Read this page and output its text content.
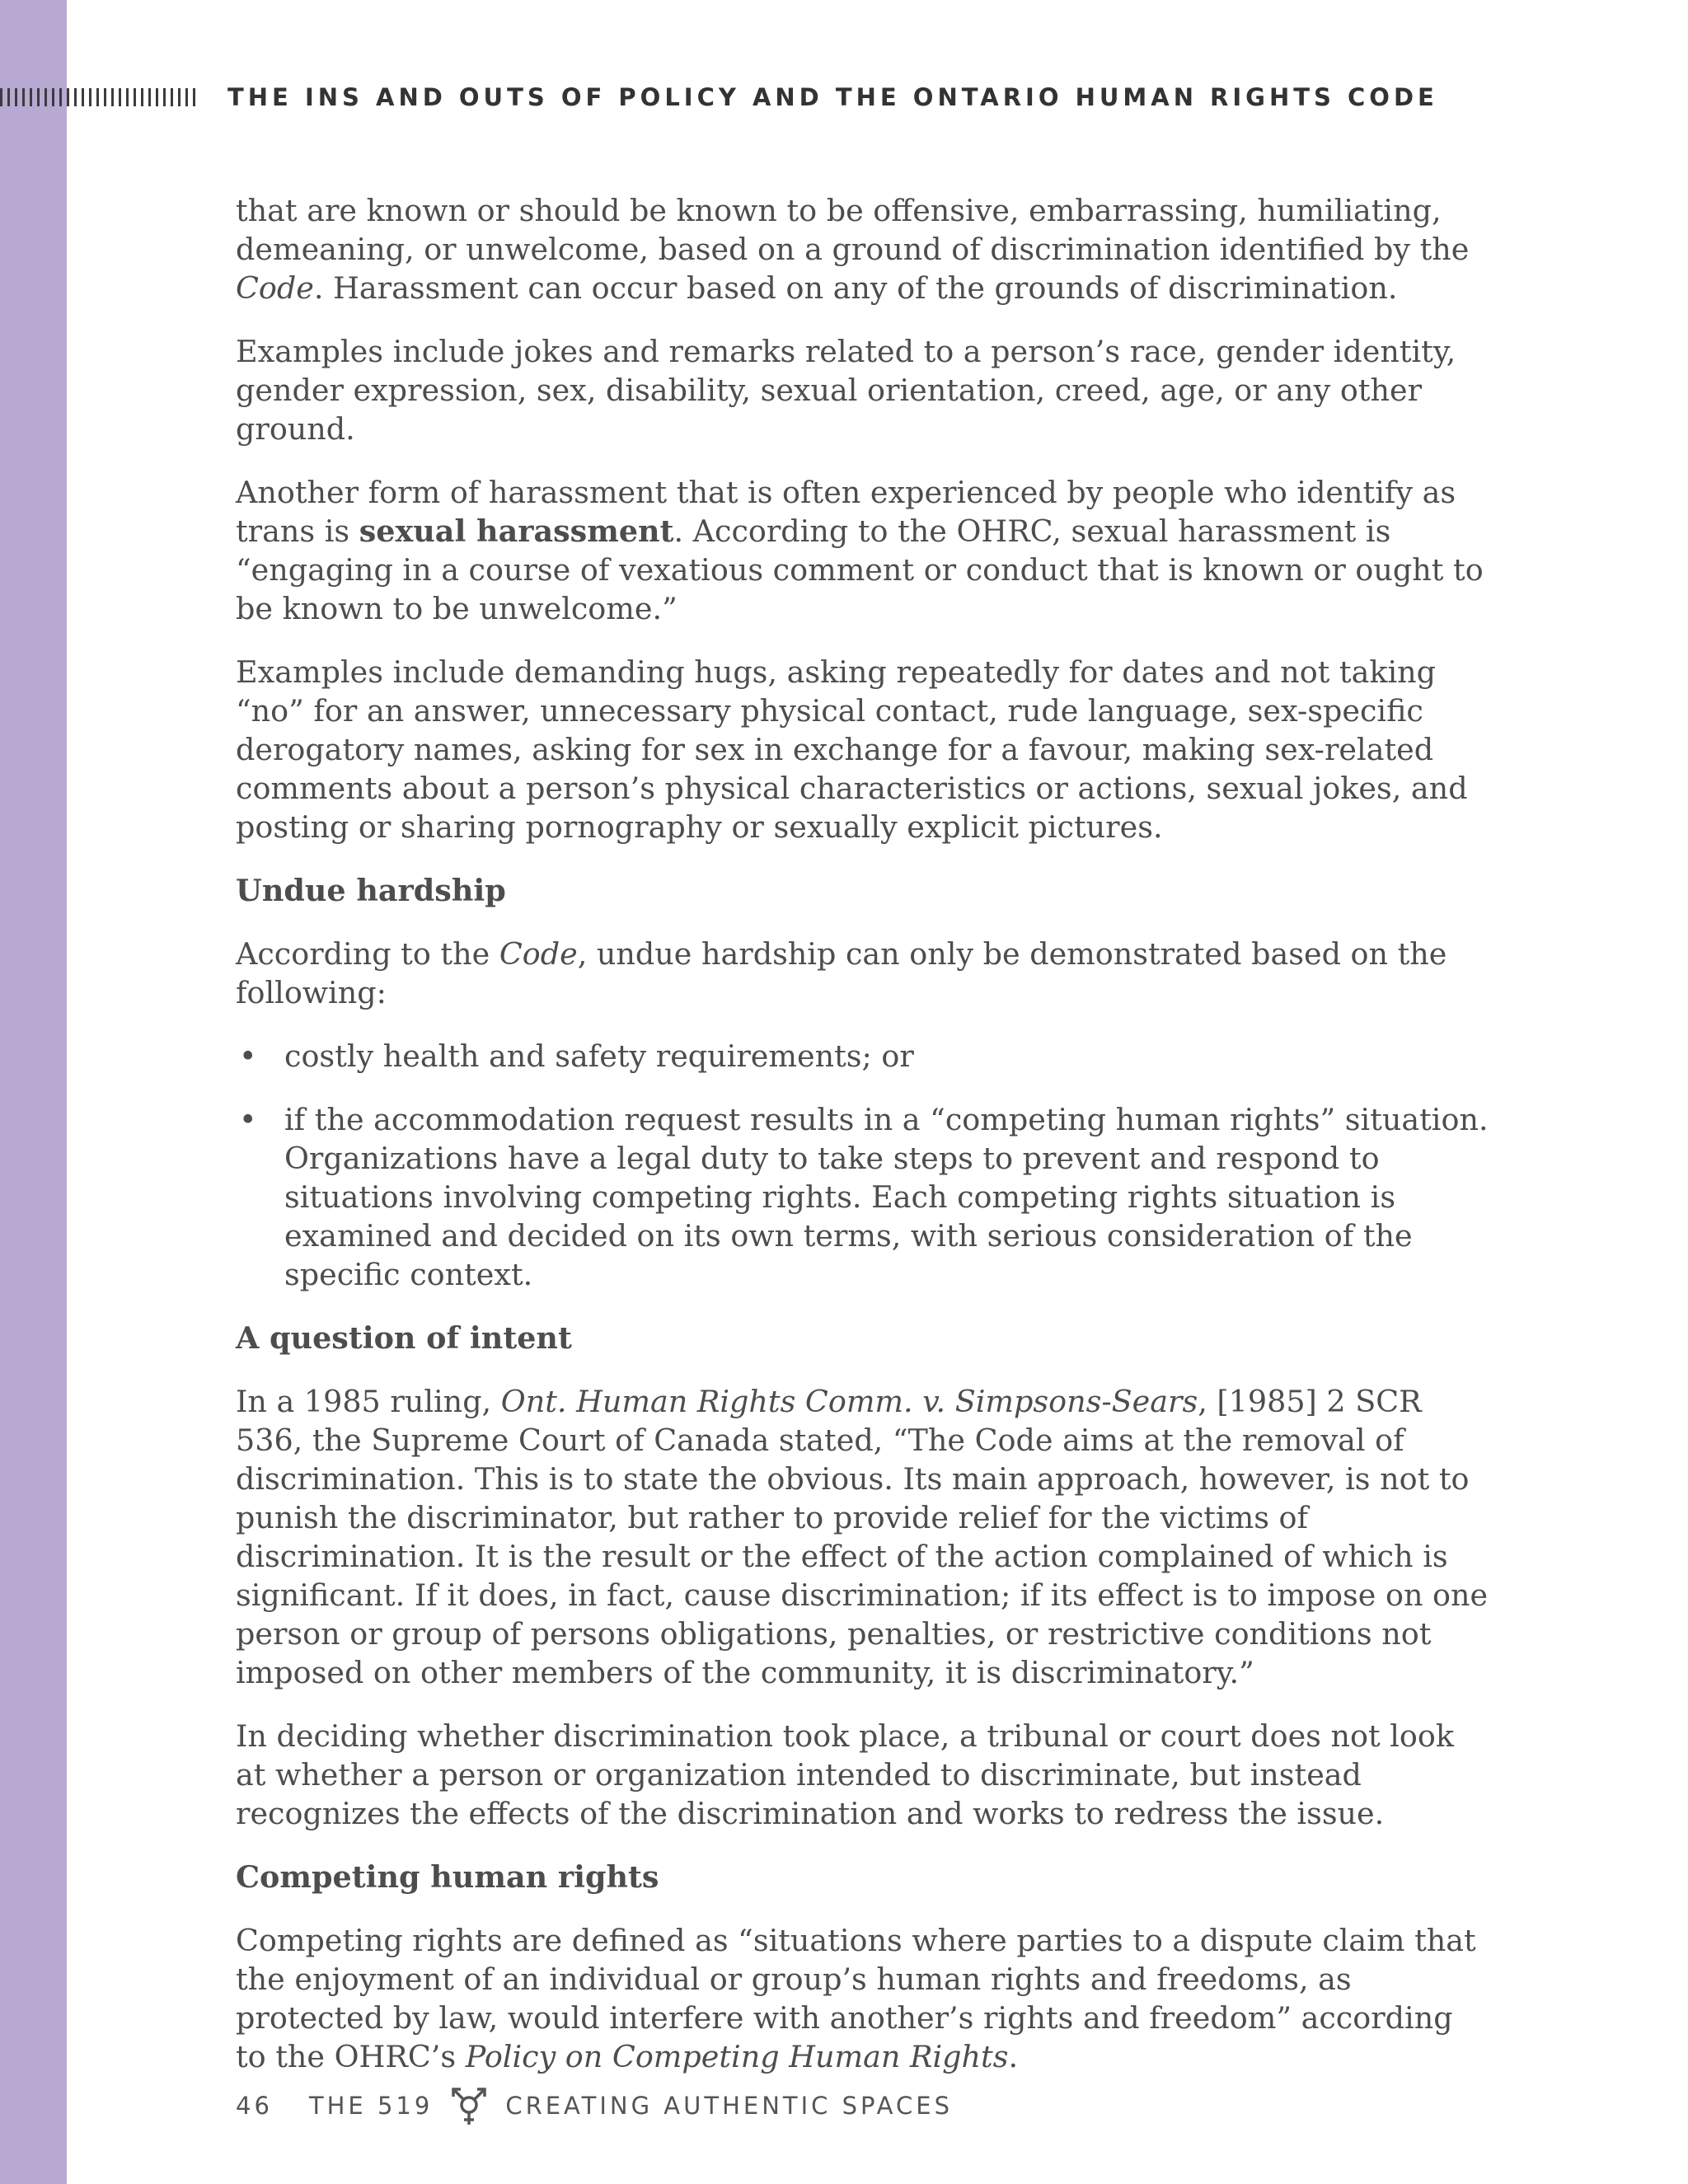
THE INS AND OUTS OF POLICY AND THE ONTARIO HUMAN RIGHTS CODE

that are known or should be known to be offensive, embarrassing, humiliating, demeaning, or unwelcome, based on a ground of discrimination identified by the Code. Harassment can occur based on any of the grounds of discrimination.

Examples include jokes and remarks related to a person’s race, gender identity, gender expression, sex, disability, sexual orientation, creed, age, or any other ground.

Another form of harassment that is often experienced by people who identify as trans is sexual harassment. According to the OHRC, sexual harassment is “engaging in a course of vexatious comment or conduct that is known or ought to be known to be unwelcome.”

Examples include demanding hugs, asking repeatedly for dates and not taking “no” for an answer, unnecessary physical contact, rude language, sex-specific derogatory names, asking for sex in exchange for a favour, making sex-related comments about a person’s physical characteristics or actions, sexual jokes, and posting or sharing pornography or sexually explicit pictures.

Undue hardship

According to the Code, undue hardship can only be demonstrated based on the following:

• costly health and safety requirements; or
• if the accommodation request results in a “competing human rights” situation. Organizations have a legal duty to take steps to prevent and respond to situations involving competing rights. Each competing rights situation is examined and decided on its own terms, with serious consideration of the specific context.
A question of intent

In a 1985 ruling, Ont. Human Rights Comm. v. Simpsons-Sears, [1985] 2 SCR 536, the Supreme Court of Canada stated, “The Code aims at the removal of discrimination. This is to state the obvious. Its main approach, however, is not to punish the discriminator, but rather to provide relief for the victims of discrimination. It is the result or the effect of the action complained of which is significant. If it does, in fact, cause discrimination; if its effect is to impose on one person or group of persons obligations, penalties, or restrictive conditions not imposed on other members of the community, it is discriminatory.”

In deciding whether discrimination took place, a tribunal or court does not look at whether a person or organization intended to discriminate, but instead recognizes the effects of the discrimination and works to redress the issue.

Competing human rights

Competing rights are defined as “situations where parties to a dispute claim that the enjoyment of an individual or group’s human rights and freedoms, as protected by law, would interfere with another’s rights and freedom” according to the OHRC’s Policy on Competing Human Rights.

46 THE 519	CREATING AUTHENTIC SPACES
